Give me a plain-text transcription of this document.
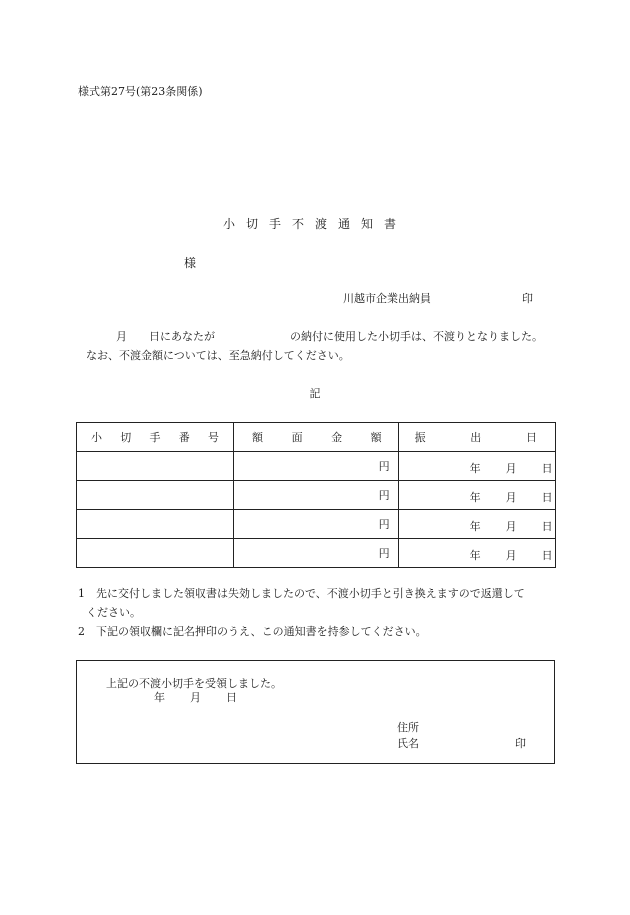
様式第27号(第23条関係)
小切手不渡通知書
様
川越市企業出納員	印
月 日にあなたが	の納付に使用した小切手は、不渡りとなりました。
なお、不渡金額については、至急納付してください。
記
小 切 手 番 号	額 面 金 額	振 出 日

	円	年 月 日

	円	年 月 日

	円	年 月 日

	円	年 月 日
1　先に交付しました領収書は失効しましたので、不渡小切手と引き換えますので返還して
ください。
2　下記の領収欄に記名押印のうえ、この通知書を持参してください。
上記の不渡小切手を受領しました。
年 月 日
住所
氏名	印
